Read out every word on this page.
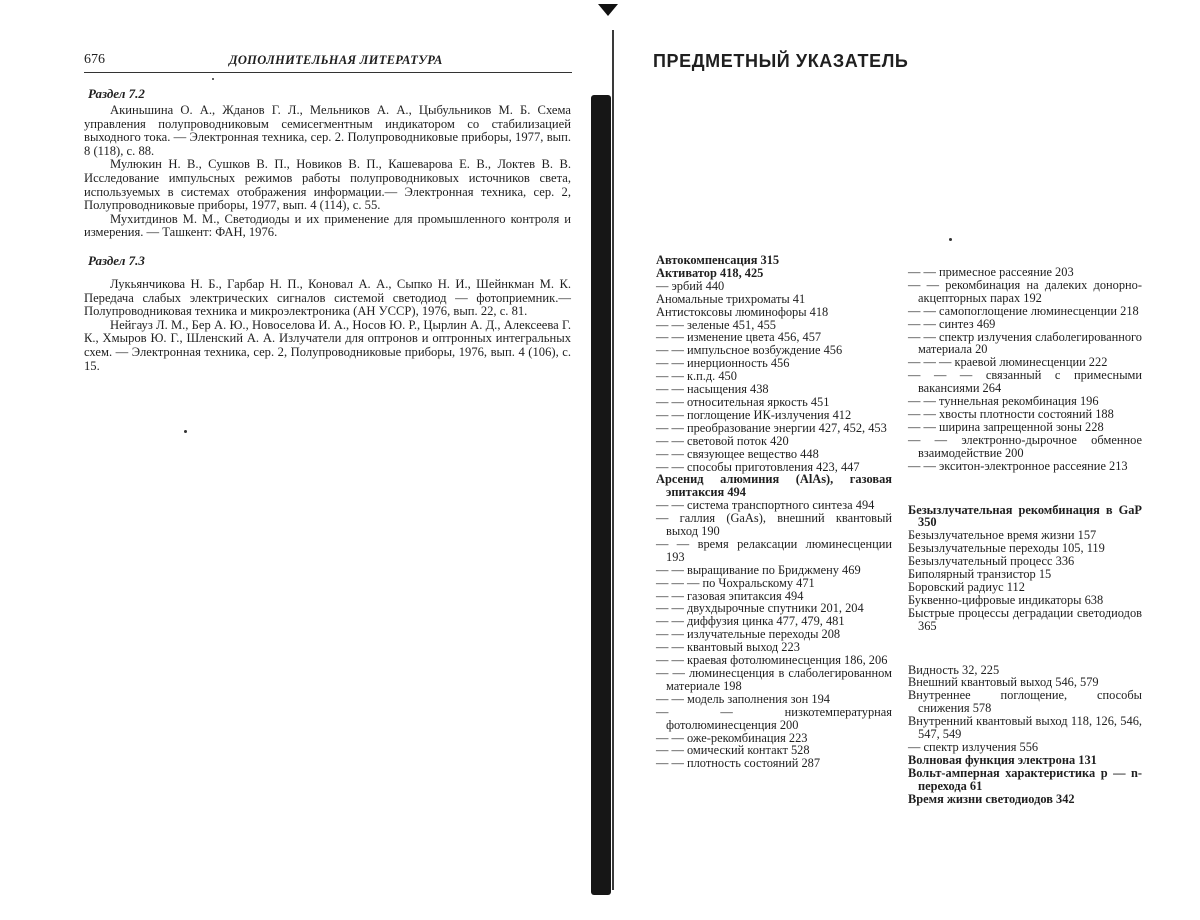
676	ДОПОЛНИТЕЛЬНАЯ ЛИТЕРАТУРА
Раздел 7.2

Акиньшина О. А., Жданов Г. Л., Мельников А. А., Цыбульников М. Б. Схема управления полупроводниковым семисегментным индикатором со стабилизацией выходного тока. — Электронная техника, сер. 2. Полупроводниковые приборы, 1977, вып. 8 (118), с. 88.

Мулюкин Н. В., Сушков В. П., Новиков В. П., Кашеварова Е. В., Локтев В. В. Исследование импульсных режимов работы полупроводниковых источников света, используемых в системах отображения информации.— Электронная техника, сер. 2, Полупроводниковые приборы, 1977, вып. 4 (114), с. 55.

Мухитдинов М. М., Светодиоды и их применение для промышленного контроля и измерения. — Ташкент: ФАН, 1976.

Раздел 7.3

Лукьянчикова Н. Б., Гарбар Н. П., Коновал А. А., Сыпко Н. И., Шейнкман М. К. Передача слабых электрических сигналов системой светодиод — фотоприемник.— Полупроводниковая техника и микроэлектроника (АН УССР), 1976, вып. 22, с. 81.

Нейгауз Л. М., Бер А. Ю., Новоселова И. А., Носов Ю. Р., Цырлин А. Д., Алексеева Г. К., Хмыров Ю. Г., Шленский А. А. Излучатели для оптронов и оптронных интегральных схем. — Электронная техника, сер. 2, Полупроводниковые приборы, 1976, вып. 4 (106), с. 15.

ПРЕДМЕТНЫЙ УКАЗАТЕЛЬ
Автокомпенсация 315
Активатор 418, 425
— эрбий 440
Аномальные трихроматы 41
Антистоксовы люминофоры 418
— — зеленые 451, 455
— — изменение цвета 456, 457
— — импульсное возбуждение 456
— — инерционность 456
— — к.п.д. 450
— — насыщения 438
— — относительная яркость 451
— — поглощение ИК-излучения 412
— — преобразование энергии 427, 452, 453
— — световой поток 420
— — связующее вещество 448
— — способы приготовления 423, 447
Арсенид алюминия (AlAs), газовая эпитаксия 494
— — система транспортного синтеза 494
— галлия (GaAs), внешний квантовый выход 190
— — время релаксации люминесценции 193
— — выращивание по Бриджмену 469
— — — по Чохральскому 471
— — газовая эпитаксия 494
— — двухдырочные спутники 201, 204
— — диффузия цинка 477, 479, 481
— — излучательные переходы 208
— — квантовый выход 223
— — краевая фотолюминесценция 186, 206
— — люминесценция в слаболегированном материале 198
— — модель заполнения зон 194
— — низкотемпературная фотолюминесценция 200
— — оже-рекомбинация 223
— — омический контакт 528
— — плотность состояний 287
— — примесное рассеяние 203
— — рекомбинация на далеких донорно-акцепторных парах 192
— — самопоглощение люминесценции 218
— — синтез 469
— — спектр излучения слаболегированного материала 20
— — — краевой люминесценции 222
— — — связанный с примесными вакансиями 264
— — туннельная рекомбинация 196
— — хвосты плотности состояний 188
— — ширина запрещенной зоны 228
— — электронно-дырочное обменное взаимодействие 200
— — экситон-электронное рассеяние 213
Безызлучательная рекомбинация в GaP 350
Безызлучательное время жизни 157
Безызлучательные переходы 105, 119
Безызлучательный процесс 336
Биполярный транзистор 15
Боровский радиус 112
Буквенно-цифровые индикаторы 638
Быстрые процессы деградации светодиодов 365
Видность 32, 225
Внешний квантовый выход 546, 579
Внутреннее поглощение, способы снижения 578
Внутренний квантовый выход 118, 126, 546, 547, 549
— спектр излучения 556
Волновая функция электрона 131
Вольт-амперная характеристика p — n-перехода 61
Время жизни светодиодов 342
